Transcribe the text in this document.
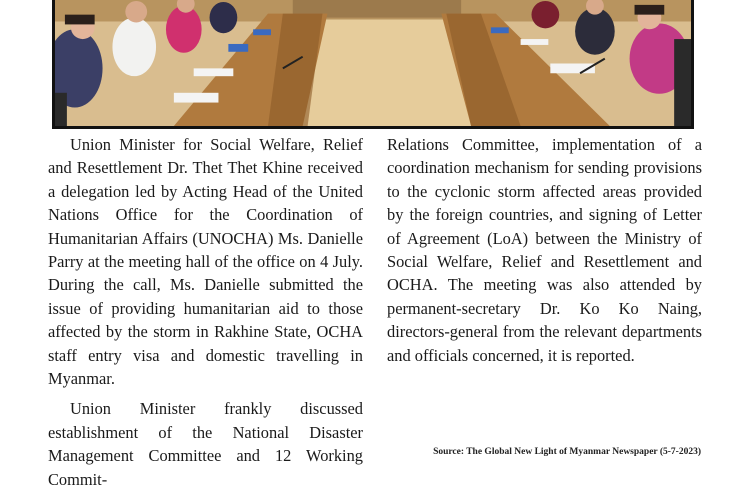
Union Minister for Social Welfare, Relief and Resettlement Dr. Thet Thet Khine received a delegation led by Acting Head of the United Nations Office for the Coordination of Humanitarian Affairs (UNOCHA) Ms. Danielle Parry at the meeting hall of the office on 4 July. During the call, Ms. Danielle submitted the issue of providing humanitarian aid to those affected by the storm in Rakhine State, OCHA staff entry visa and domestic travelling in Myanmar.

Union Minister frankly discussed establishment of the National Disaster Management Committee and 12 Working Commit-

Relations Committee, implementation of a coordination mechanism for sending provisions to the cyclonic storm affected areas provided by the foreign countries, and signing of Letter of Agreement (LoA) between the Ministry of Social Welfare, Relief and Resettlement and OCHA. The meeting was also attended by permanent-secretary Dr. Ko Ko Naing, directors-general from the relevant departments and officials concerned, it is reported.

Source: The Global New Light of Myanmar Newspaper (5-7-2023)
